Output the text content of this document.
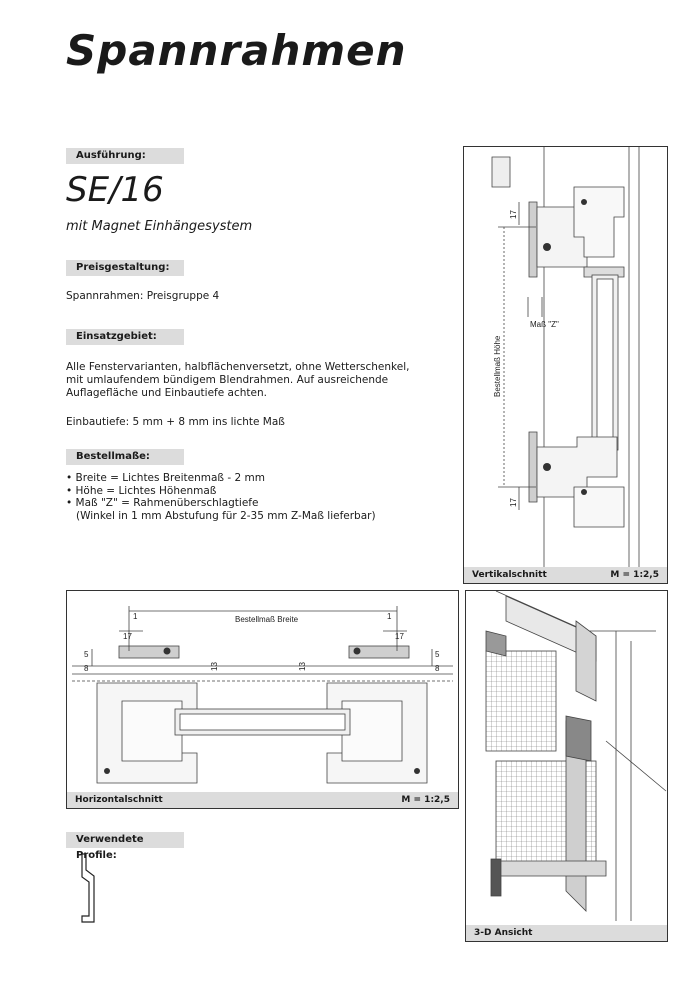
Spannrahmen
Ausführung:
SE/16
mit Magnet Einhängesystem
Preisgestaltung:
Spannrahmen: Preisgruppe 4
Einsatzgebiet:
Alle Fenstervarianten, halbflächenversetzt, ohne Wetterschenkel, mit umlaufendem bündigem Blendrahmen. Auf ausreichende Auflagefläche und Einbautiefe achten.
Einbautiefe: 5 mm + 8 mm ins lichte Maß
Bestellmaße:
• Breite = Lichtes Breitenmaß - 2 mm
• Höhe = Lichtes Höhenmaß
• Maß "Z" = Rahmenüberschlagtiefe
(Winkel in 1 mm Abstufung für 2-35 mm Z-Maß lieferbar)
17
17
Maß "Z"
Bestellmaß Höhe
Vertikalschnitt	M = 1:2,5
Bestellmaß Breite
1	1
17	17
5
8
5
8
13	13
Horizontalschnitt	M = 1:2,5
3-D Ansicht
Verwendete Profile:
